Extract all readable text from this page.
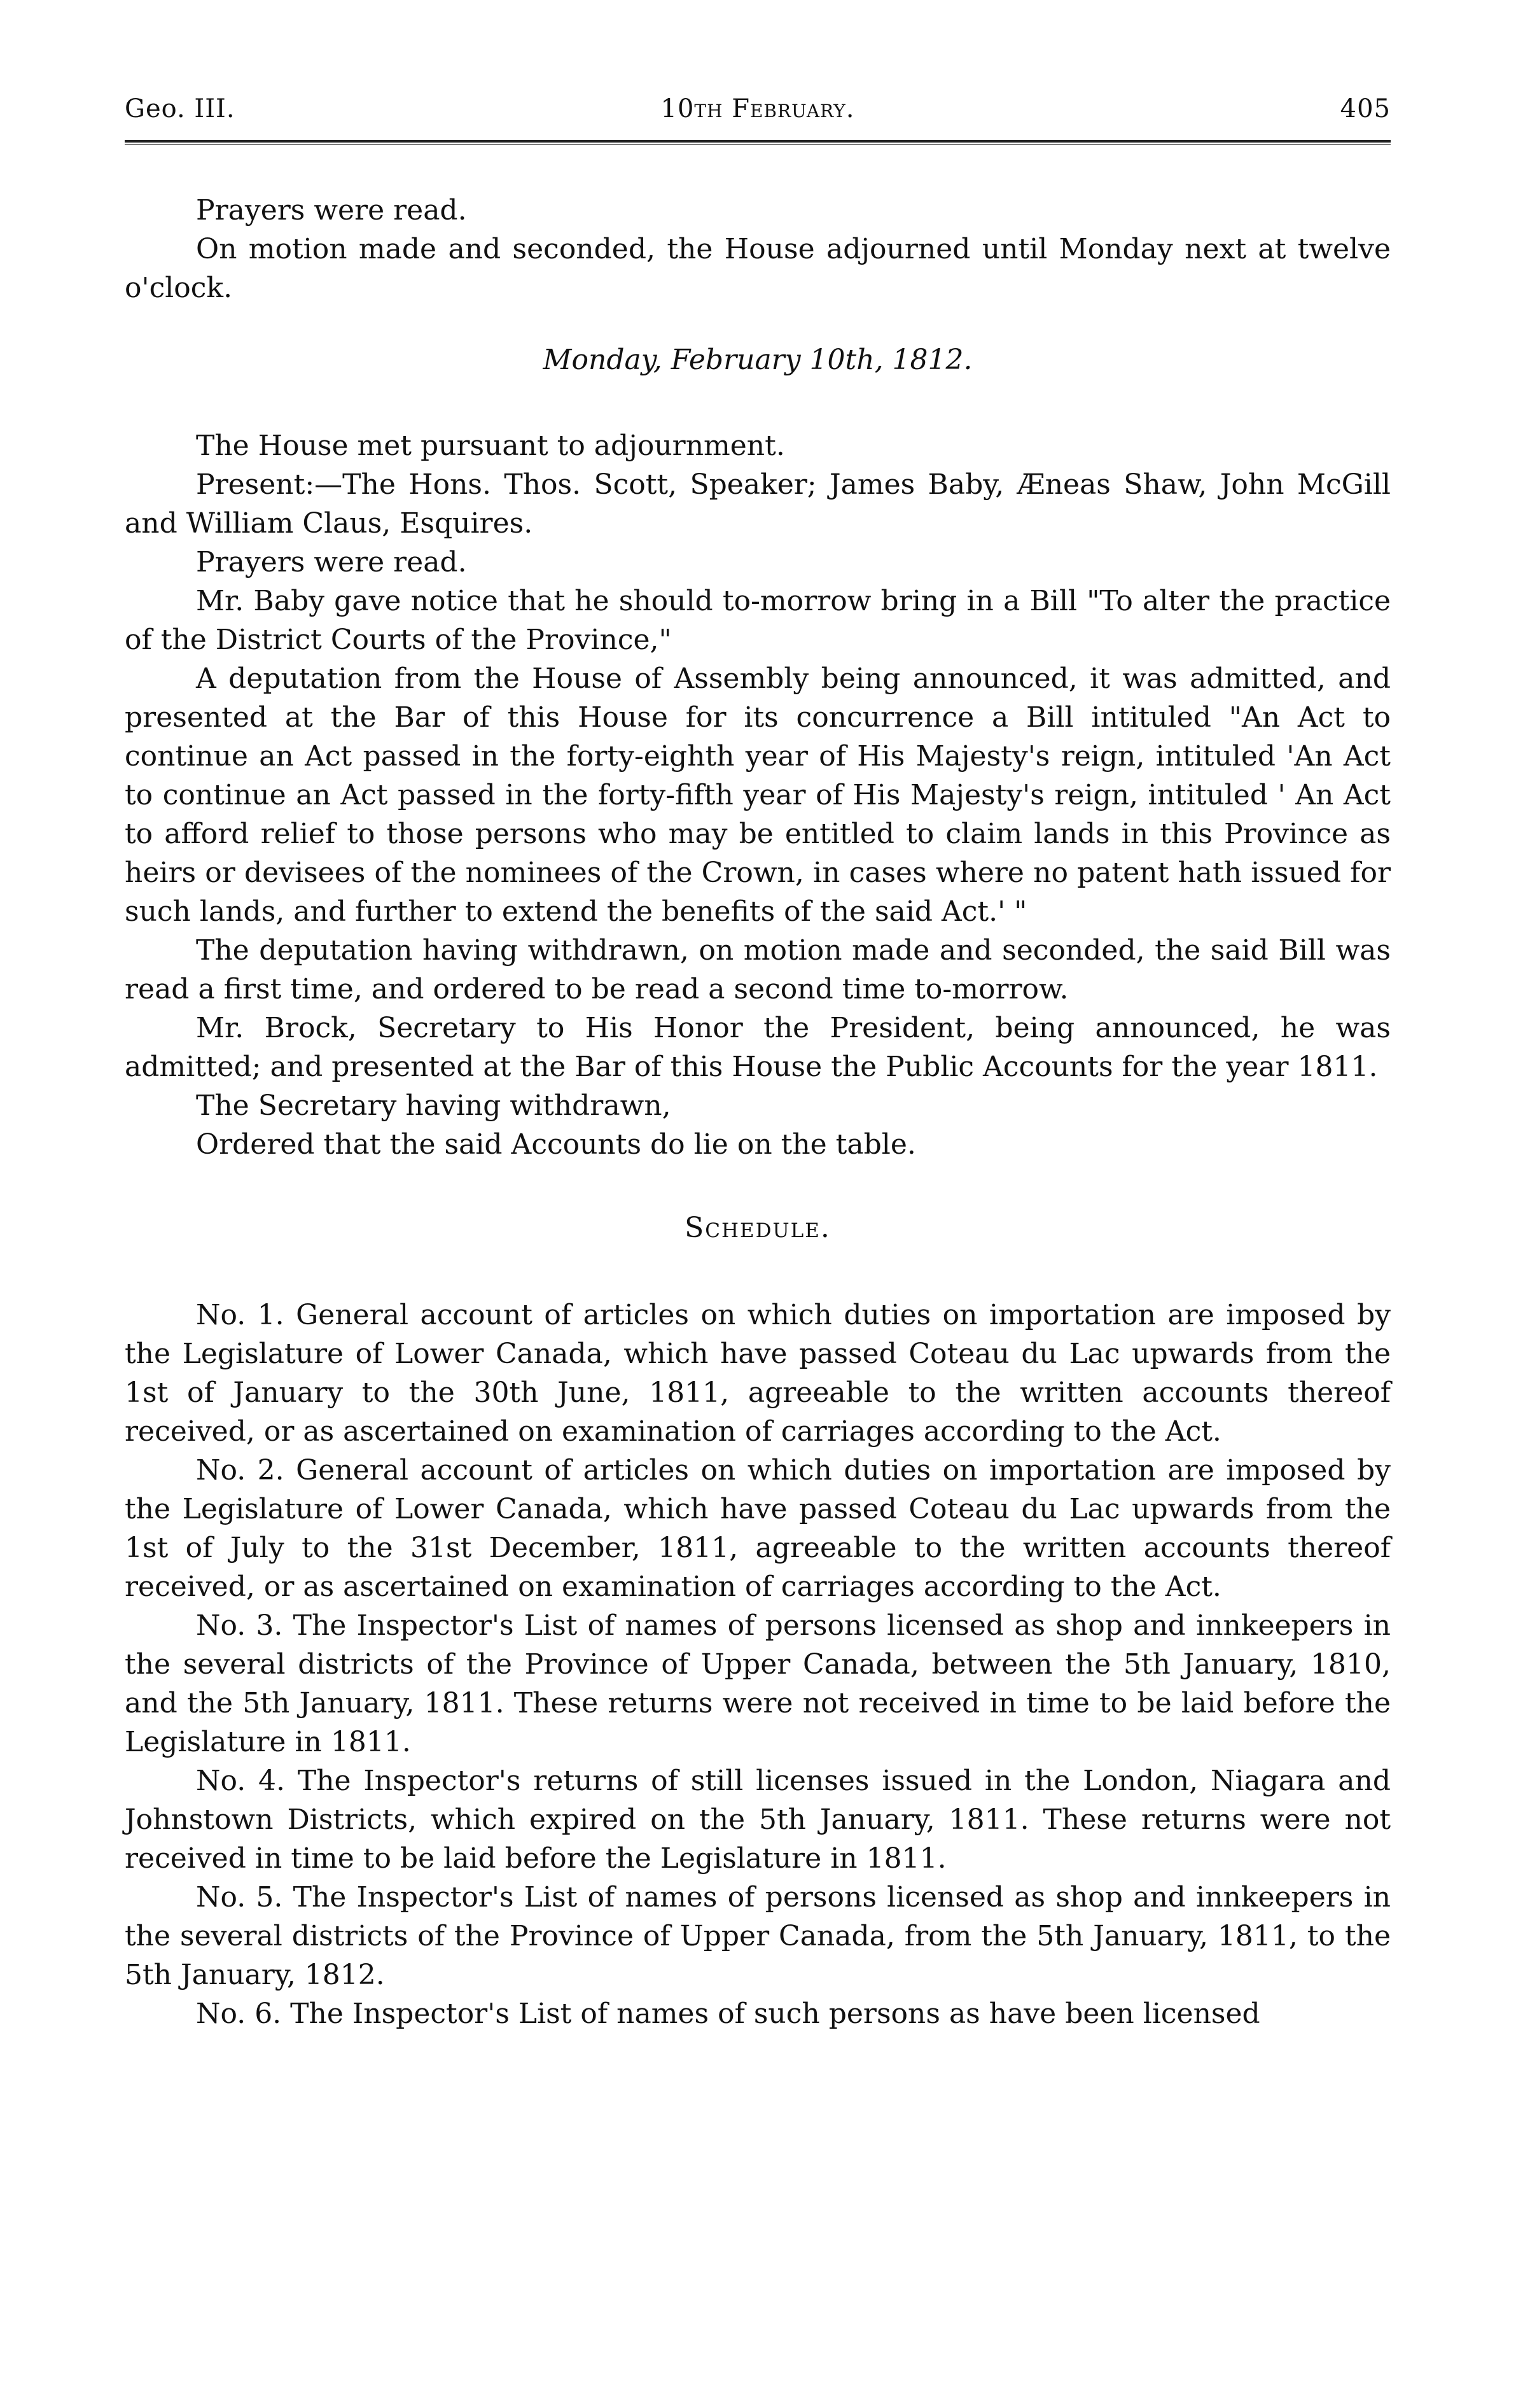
Geo. III.	10th February.	405

Prayers were read.

On motion made and seconded, the House adjourned until Monday next at twelve o'clock.

Monday, February 10th, 1812.

The House met pursuant to adjournment.

Present:—The Hons. Thos. Scott, Speaker; James Baby, Æneas Shaw, John McGill and William Claus, Esquires.

Prayers were read.

Mr. Baby gave notice that he should to-morrow bring in a Bill "To alter the practice of the District Courts of the Province,"

A deputation from the House of Assembly being announced, it was admitted, and presented at the Bar of this House for its concurrence a Bill intituled "An Act to continue an Act passed in the forty-eighth year of His Majesty's reign, intituled 'An Act to continue an Act passed in the forty-fifth year of His Majesty's reign, intituled ' An Act to afford relief to those persons who may be entitled to claim lands in this Province as heirs or devisees of the nominees of the Crown, in cases where no patent hath issued for such lands, and further to extend the benefits of the said Act.' "

The deputation having withdrawn, on motion made and seconded, the said Bill was read a first time, and ordered to be read a second time to-morrow.

Mr. Brock, Secretary to His Honor the President, being announced, he was admitted; and presented at the Bar of this House the Public Accounts for the year 1811.

The Secretary having withdrawn,

Ordered that the said Accounts do lie on the table.

Schedule.

No. 1. General account of articles on which duties on importation are imposed by the Legislature of Lower Canada, which have passed Coteau du Lac upwards from the 1st of January to the 30th June, 1811, agreeable to the written accounts thereof received, or as ascertained on examination of carriages according to the Act.

No. 2. General account of articles on which duties on importation are imposed by the Legislature of Lower Canada, which have passed Coteau du Lac upwards from the 1st of July to the 31st December, 1811, agreeable to the written accounts thereof received, or as ascertained on examination of carriages according to the Act.

No. 3. The Inspector's List of names of persons licensed as shop and innkeepers in the several districts of the Province of Upper Canada, between the 5th January, 1810, and the 5th January, 1811. These returns were not received in time to be laid before the Legislature in 1811.

No. 4. The Inspector's returns of still licenses issued in the London, Niagara and Johnstown Districts, which expired on the 5th January, 1811. These returns were not received in time to be laid before the Legislature in 1811.

No. 5. The Inspector's List of names of persons licensed as shop and innkeepers in the several districts of the Province of Upper Canada, from the 5th January, 1811, to the 5th January, 1812.

No. 6. The Inspector's List of names of such persons as have been licensed
